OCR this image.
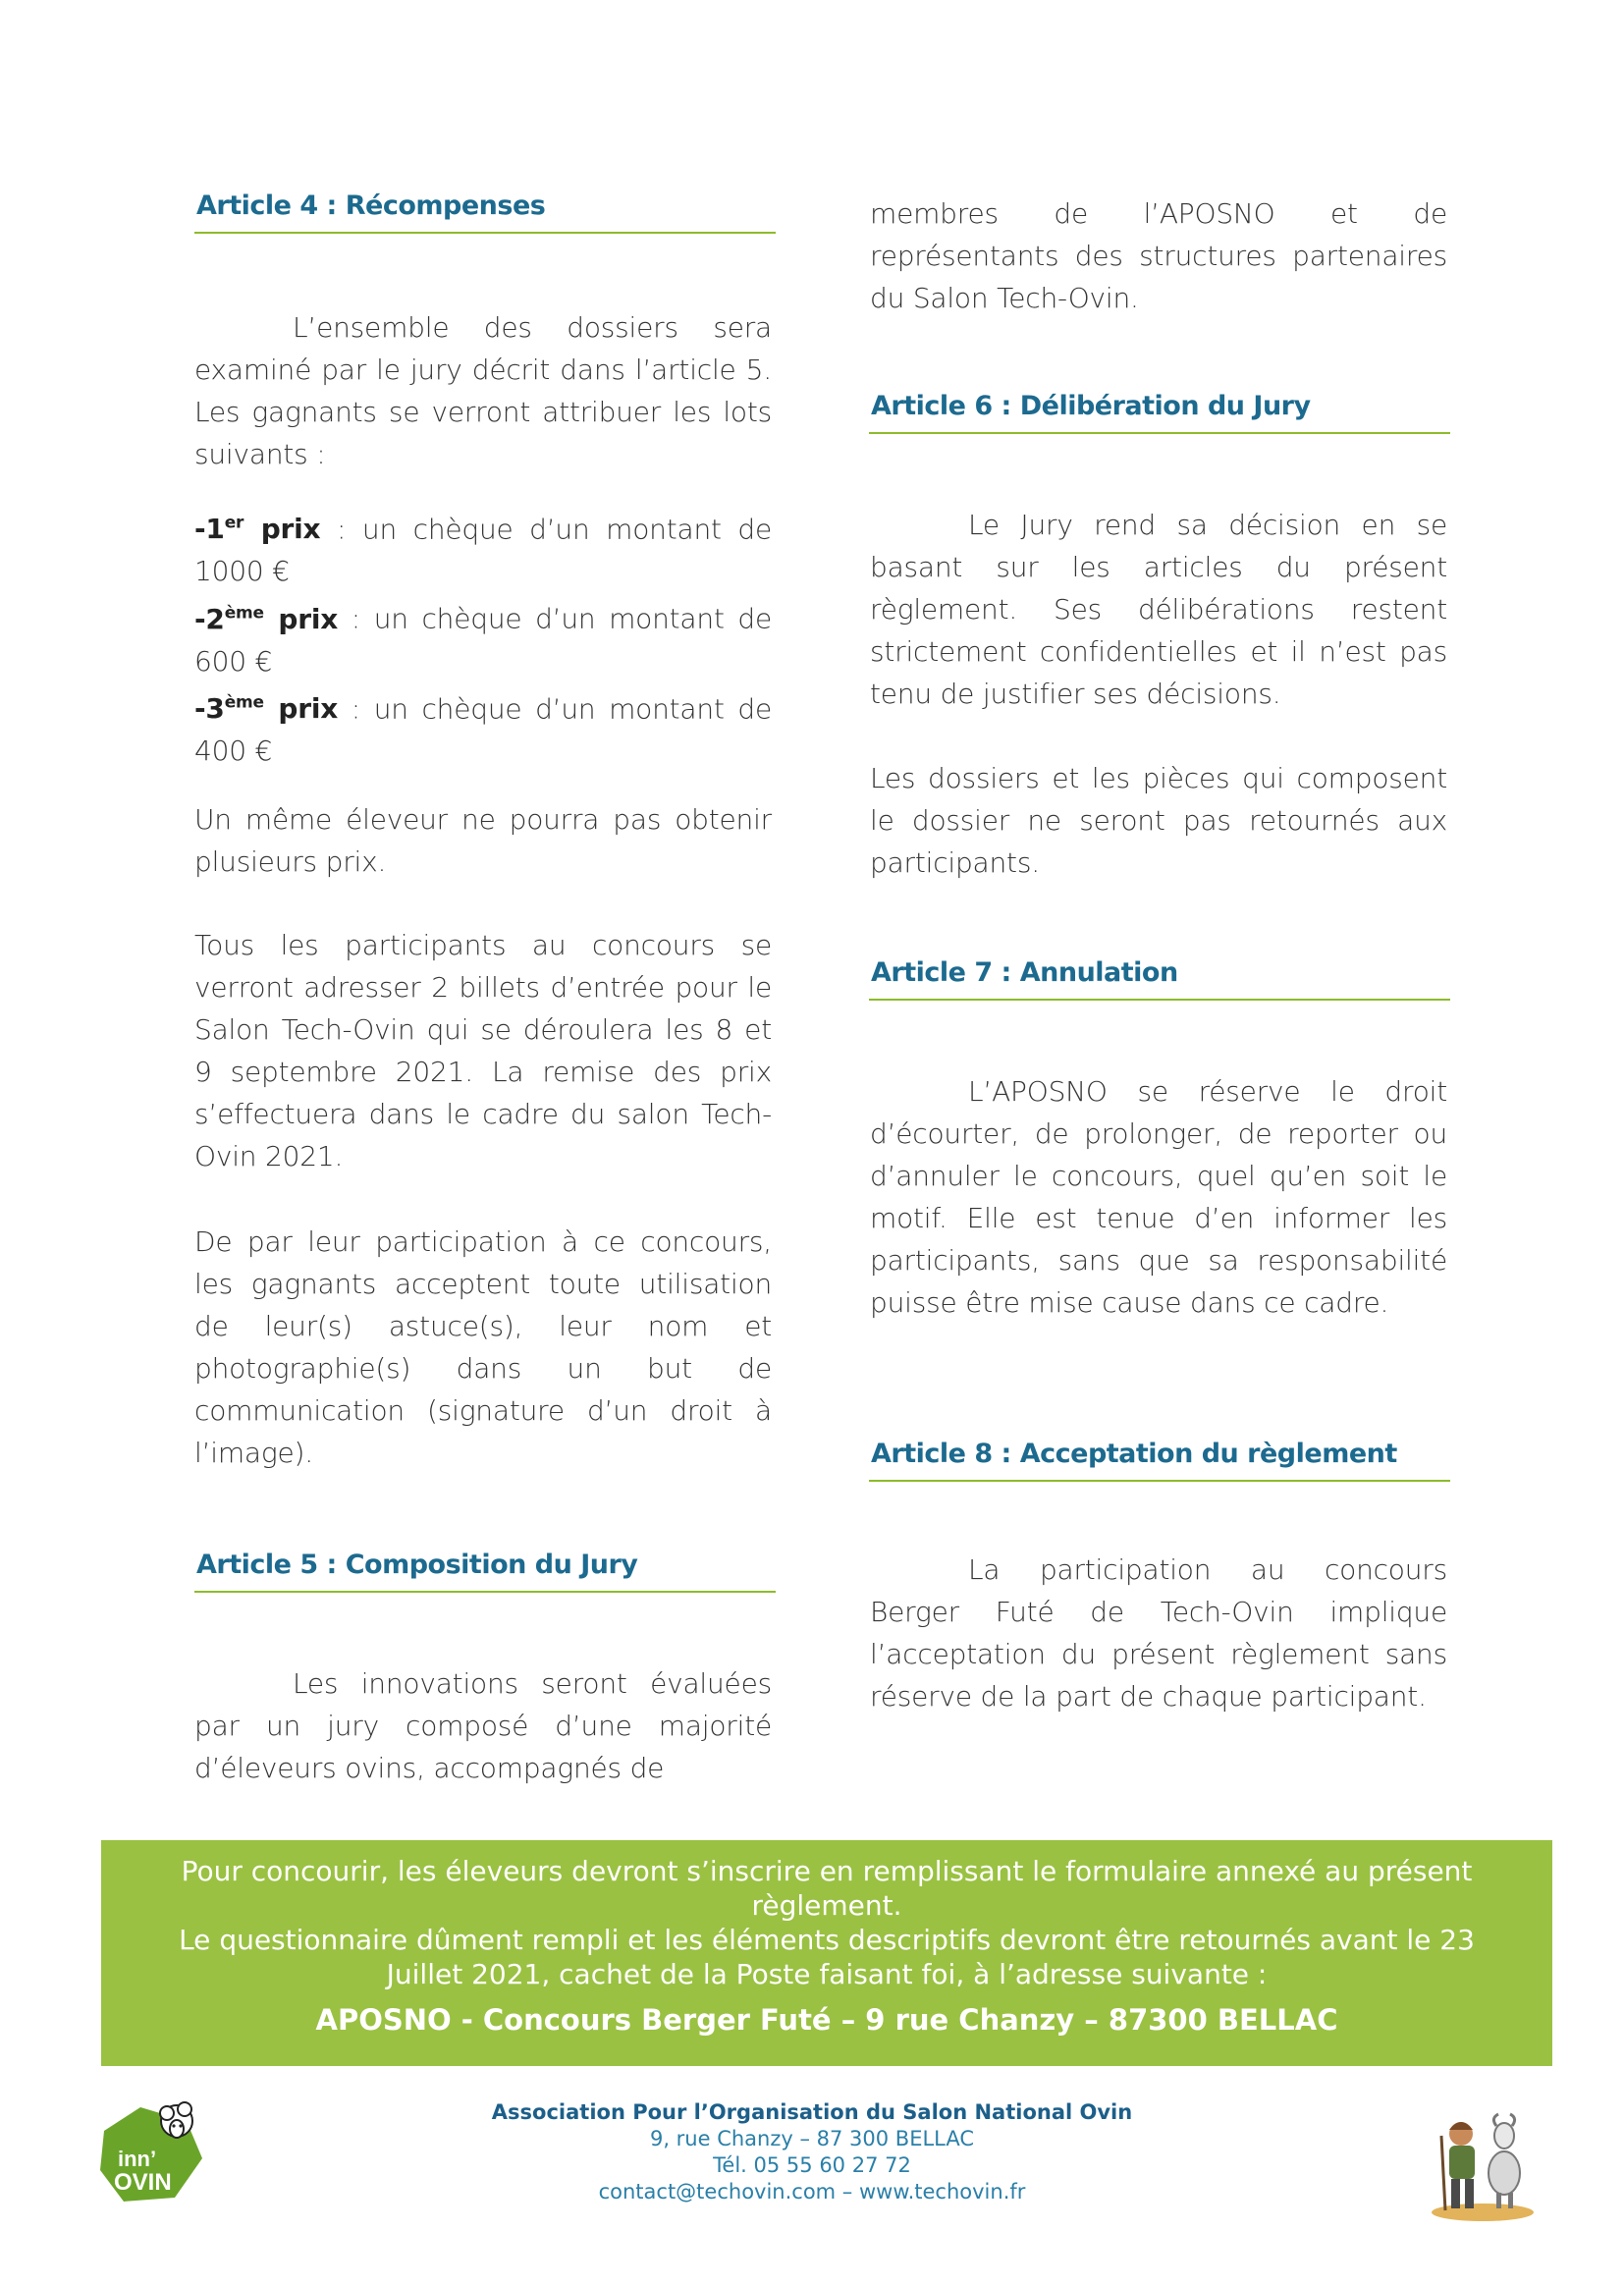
Article 4 : Récompenses

L’ensemble des dossiers sera examiné par le jury décrit dans l’article 5. Les gagnants se verront attribuer les lots suivants :

-1er prix : un chèque d’un montant de 1000 €
-2ème prix : un chèque d’un montant de 600 €
-3ème prix : un chèque d’un montant de 400 €

Un même éleveur ne pourra pas obtenir plusieurs prix.

Tous les participants au concours se verront adresser 2 billets d’entrée pour le Salon Tech-Ovin qui se déroulera les 8 et 9 septembre 2021. La remise des prix s’effectuera dans le cadre du salon Tech-Ovin 2021.

De par leur participation à ce concours, les gagnants acceptent toute utilisation de leur(s) astuce(s), leur nom et photographie(s) dans un but de communication (signature d’un droit à l’image).

Article 5 : Composition du Jury

Les innovations seront évaluées par un jury composé d’une majorité d’éleveurs ovins, accompagnés de

membres de l’APOSNO et de représentants des structures partenaires du Salon Tech-Ovin.

Article 6 : Délibération du Jury

Le Jury rend sa décision en se basant sur les articles du présent règlement. Ses délibérations restent strictement confidentielles et il n’est pas tenu de justifier ses décisions.

Les dossiers et les pièces qui composent le dossier ne seront pas retournés aux participants.

Article 7 : Annulation

L’APOSNO se réserve le droit d’écourter, de prolonger, de reporter ou d’annuler le concours, quel qu’en soit le motif. Elle est tenue d’en informer les participants, sans que sa responsabilité puisse être mise cause dans ce cadre.

Article 8 : Acceptation du règlement

La participation au concours Berger Futé de Tech-Ovin implique l’acceptation du présent règlement sans réserve de la part de chaque participant.

Pour concourir, les éleveurs devront s’inscrire en remplissant le formulaire annexé au présent
règlement.
Le questionnaire dûment rempli et les éléments descriptifs devront être retournés avant le 23
Juillet 2021, cachet de la Poste faisant foi, à l’adresse suivante :
APOSNO - Concours Berger Futé – 9 rue Chanzy – 87300 BELLAC
Association Pour l’Organisation du Salon National Ovin
9, rue Chanzy – 87 300 BELLAC
Tél. 05 55 60 27 72
contact@techovin.com – www.techovin.fr
inn’
OVIN
